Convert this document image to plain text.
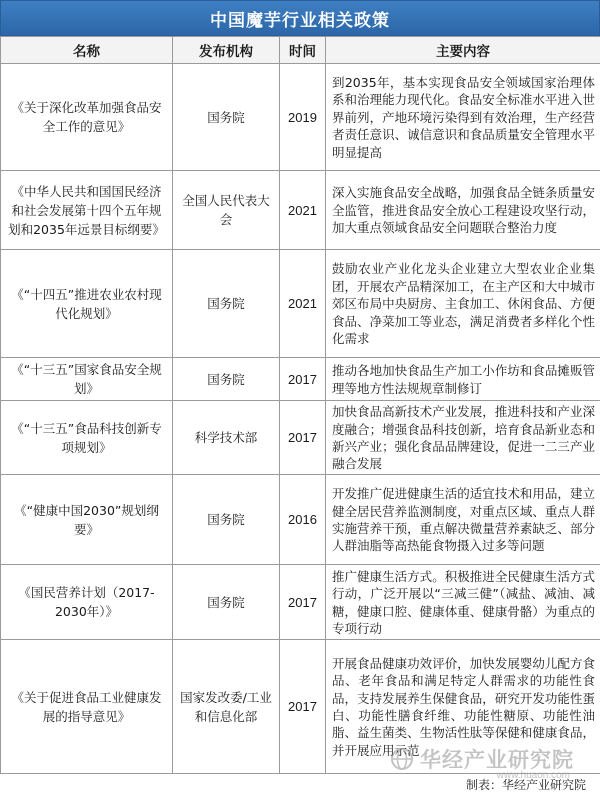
中国魔芋行业相关政策
名称	发布机构	时间	主要内容
《关于深化改革加强食品安全工作的意见》	国务院	2019	到2035年，基本实现食品安全领域国家治理体系和治理能力现代化。食品安全标准水平进入世界前列，产地环境污染得到有效治理，生产经营者责任意识、诚信意识和食品质量安全管理水平明显提高
《中华人民共和国国民经济和社会发展第十四个五年规划和2035年远景目标纲要》	全国人民代表大会	2021	深入实施食品安全战略，加强食品全链条质量安全监管，推进食品安全放心工程建设攻坚行动，加大重点领域食品安全问题联合整治力度
《“十四五”推进农业农村现代化规划》	国务院	2021	鼓励农业产业化龙头企业建立大型农业企业集团，开展农产品精深加工，在主产区和大中城市郊区布局中央厨房、主食加工、休闲食品、方便食品、净菜加工等业态，满足消费者多样化个性化需求
《“十三五”国家食品安全规划》	国务院	2017	推动各地加快食品生产加工小作坊和食品摊贩管理等地方性法规规章制修订
《“十三五”食品科技创新专项规划》	科学技术部	2017	加快食品高新技术产业发展，推进科技和产业深度融合；增强食品科技创新，培育食品新业态和新兴产业；强化食品品牌建设，促进一二三产业融合发展
《“健康中国2030”规划纲要》	国务院	2016	开发推广促进健康生活的适宜技术和用品，建立健全居民营养监测制度，对重点区域、重点人群实施营养干预，重点解决微量营养素缺乏、部分人群油脂等高热能食物摄入过多等问题
《国民营养计划（2017-2030年）》	国务院	2017	推广健康生活方式。积极推进全民健康生活方式行动，广泛开展以“三减三健”（减盐、减油、减糖，健康口腔、健康体重、健康骨骼）为重点的专项行动
《关于促进食品工业健康发展的指导意见》	国家发改委/工业和信息化部	2017	开展食品健康功效评价，加快发展婴幼儿配方食品、老年食品和满足特定人群需求的功能性食品，支持发展养生保健食品，研究开发功能性蛋白、功能性膳食纤维、功能性糖原、功能性油脂、益生菌类、生物活性肽等保健和健康食品，并开展应用示范
制表：华经产业研究院
华经产业研究院
www.huaon.com
